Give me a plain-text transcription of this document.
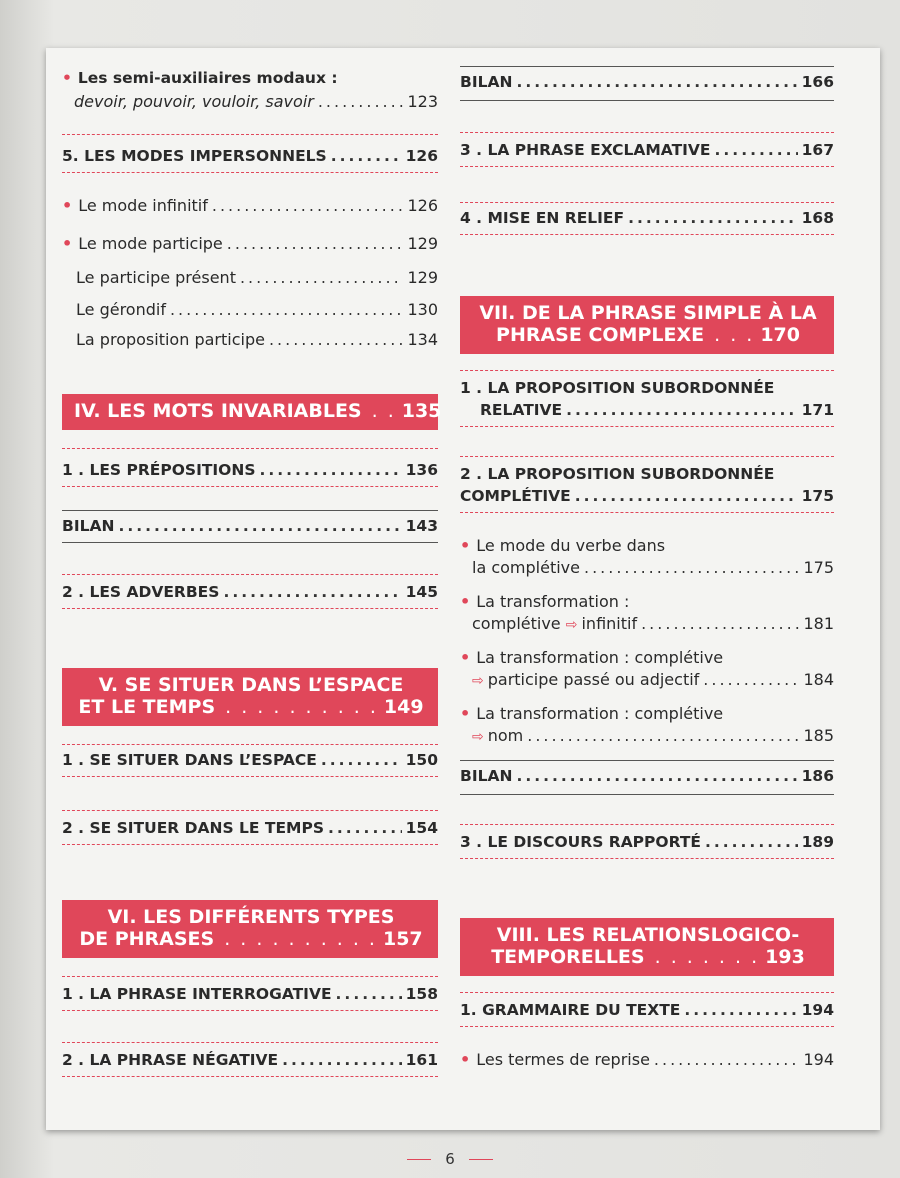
• Les semi-auxiliaires modaux :
devoir, pouvoir, vouloir, savoir .....	123
5. LES MODES IMPERSONNELS .....	126
• Le mode infinitif .....	126
• Le mode participe .....	129
Le participe présent .....	129
Le gérondif .....	130
La proposition participe .....	134
IV. LES MOTS INVARIABLES . . 135
1 . LES PRÉPOSITIONS .....	136
BILAN .....	143
2 . LES ADVERBES .....	145
V. SE SITUER DANS L’ESPACE
ET LE TEMPS . . . . . . . . . . 149
1 . SE SITUER DANS L’ESPACE .....	150
2 . SE SITUER DANS LE TEMPS .....	154
VI. LES DIFFÉRENTS TYPES
DE PHRASES . . . . . . . . . . 157
1 . LA PHRASE INTERROGATIVE .....	158
2 . LA PHRASE NÉGATIVE .....	161
BILAN .....	166
3 . LA PHRASE EXCLAMATIVE .....	167
4 . MISE EN RELIEF .....	168
VII. DE LA PHRASE SIMPLE À LA
PHRASE COMPLEXE . . . 170
1 . LA PROPOSITION SUBORDONNÉE
RELATIVE .....	171
2 . LA PROPOSITION SUBORDONNÉE
COMPLÉTIVE .....	175
• Le mode du verbe dans
la complétive .....	175
• La transformation :
complétive ⇨ infinitif .....	181
• La transformation : complétive
⇨ participe passé ou adjectif .....	184
• La transformation : complétive
⇨ nom .....	185
BILAN .....	186
3 . LE DISCOURS RAPPORTÉ .....	189
VIII. LES RELATIONSLOGICO-
TEMPORELLES . . . . . . . 193
1. GRAMMAIRE DU TEXTE .....	194
• Les termes de reprise .....	194
6
